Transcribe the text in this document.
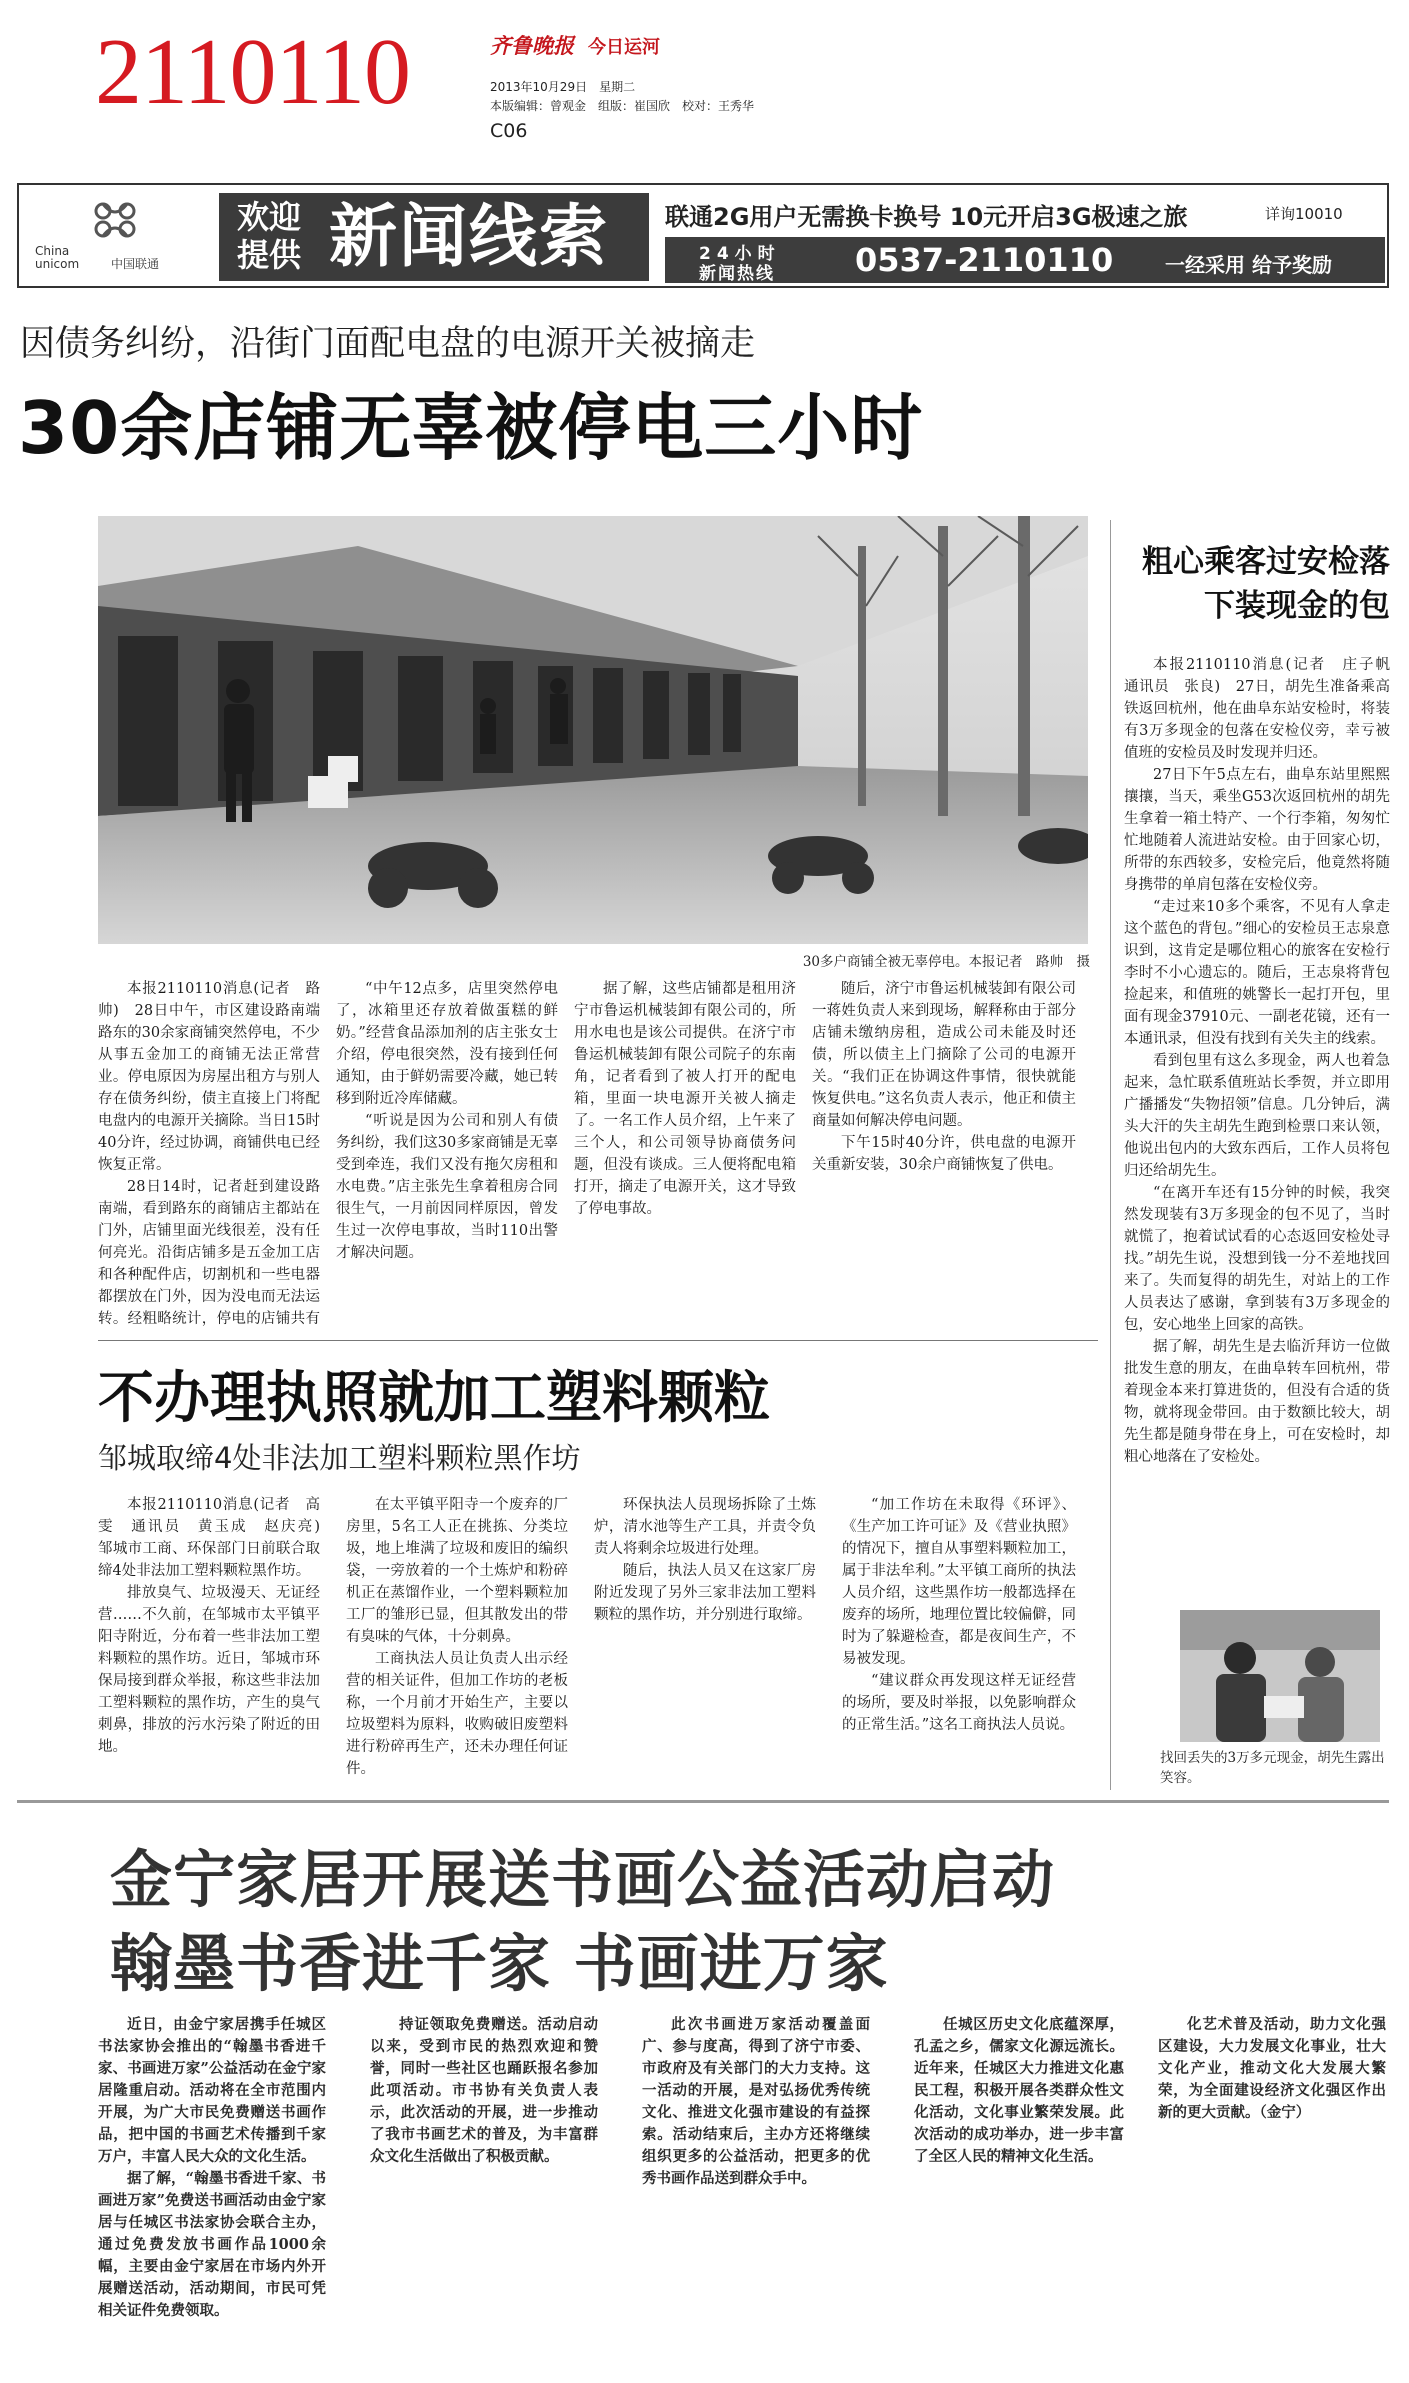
2110110	齐鲁晚报 今日运河
2013年10月29日　星期二
本版编辑：曾观金　组版：崔国欣　校对：王秀华
C06
China unicom	中国联通
欢迎
提供 新闻线索 联通2G用户无需换卡换号 10元开启3G极速之旅	详询10010
24小时
新闻热线	0537-2110110	一经采用 给予奖励
因债务纠纷，沿街门面配电盘的电源开关被摘走
30余店铺无辜被停电三小时
30多户商铺全被无辜停电。本报记者　路帅　摄

本报2110110消息(记者　路帅)　28日中午，市区建设路南端路东的30余家商铺突然停电，不少从事五金加工的商铺无法正常营业。停电原因为房屋出租方与别人存在债务纠纷，债主直接上门将配电盘内的电源开关摘除。当日15时40分许，经过协调，商铺供电已经恢复正常。

28日14时，记者赶到建设路南端，看到路东的商铺店主都站在门外，店铺里面光线很差，没有任何亮光。沿街店铺多是五金加工店和各种配件店，切割机和一些电器都摆放在门外，因为没电而无法运转。经粗略统计，停电的店铺共有

“中午12点多，店里突然停电了，冰箱里还存放着做蛋糕的鲜奶。”经营食品添加剂的店主张女士介绍，停电很突然，没有接到任何通知，由于鲜奶需要冷藏，她已转移到附近冷库储藏。

“听说是因为公司和别人有债务纠纷，我们这30多家商铺是无辜受到牵连，我们又没有拖欠房租和水电费。”店主张先生拿着租房合同很生气，一月前因同样原因，曾发生过一次停电事故，当时110出警才解决问题。

据了解，这些店铺都是租用济宁市鲁运机械装卸有限公司的，所用水电也是该公司提供。在济宁市鲁运机械装卸有限公司院子的东南角，记者看到了被人打开的配电箱，里面一块电源开关被人摘走了。一名工作人员介绍，上午来了三个人，和公司领导协商债务问题，但没有谈成。三人便将配电箱打开，摘走了电源开关，这才导致了停电事故。

随后，济宁市鲁运机械装卸有限公司一蒋姓负责人来到现场，解释称由于部分店铺未缴纳房租，造成公司未能及时还债，所以债主上门摘除了公司的电源开关。“我们正在协调这件事情，很快就能恢复供电。”这名负责人表示，他正和债主商量如何解决停电问题。

下午15时40分许，供电盘的电源开关重新安装，30余户商铺恢复了供电。

粗心乘客过安检落下装现金的包

本报2110110消息(记者　庄子帆　通讯员　张良)　27日，胡先生准备乘高铁返回杭州，他在曲阜东站安检时，将装有3万多现金的包落在安检仪旁，幸亏被值班的安检员及时发现并归还。

27日下午5点左右，曲阜东站里熙熙攘攘，当天，乘坐G53次返回杭州的胡先生拿着一箱土特产、一个行李箱，匆匆忙忙地随着人流进站安检。由于回家心切，所带的东西较多，安检完后，他竟然将随身携带的单肩包落在安检仪旁。

“走过来10多个乘客，不见有人拿走这个蓝色的背包。”细心的安检员王志泉意识到，这肯定是哪位粗心的旅客在安检行李时不小心遗忘的。随后，王志泉将背包捡起来，和值班的姚警长一起打开包，里面有现金37910元、一副老花镜，还有一本通讯录，但没有找到有关失主的线索。

看到包里有这么多现金，两人也着急起来，急忙联系值班站长季贺，并立即用广播播发“失物招领”信息。几分钟后，满头大汗的失主胡先生跑到检票口来认领，他说出包内的大致东西后，工作人员将包归还给胡先生。

“在离开车还有15分钟的时候，我突然发现装有3万多现金的包不见了，当时就慌了，抱着试试看的心态返回安检处寻找。”胡先生说，没想到钱一分不差地找回来了。失而复得的胡先生，对站上的工作人员表达了感谢，拿到装有3万多现金的包，安心地坐上回家的高铁。

据了解，胡先生是去临沂拜访一位做批发生意的朋友，在曲阜转车回杭州，带着现金本来打算进货的，但没有合适的货物，就将现金带回。由于数额比较大，胡先生都是随身带在身上，可在安检时，却粗心地落在了安检处。

找回丢失的3万多元现金，胡先生露出笑容。
不办理执照就加工塑料颗粒
邹城取缔4处非法加工塑料颗粒黑作坊

本报2110110消息(记者　高雯　通讯员　黄玉成　赵庆亮)　邹城市工商、环保部门日前联合取缔4处非法加工塑料颗粒黑作坊。

排放臭气、垃圾漫天、无证经营……不久前，在邹城市太平镇平阳寺附近，分布着一些非法加工塑料颗粒的黑作坊。近日，邹城市环保局接到群众举报，称这些非法加工塑料颗粒的黑作坊，产生的臭气刺鼻，排放的污水污染了附近的田地。

在太平镇平阳寺一个废弃的厂房里，5名工人正在挑拣、分类垃圾，地上堆满了垃圾和废旧的编织袋，一旁放着的一个土炼炉和粉碎机正在蒸馏作业，一个塑料颗粒加工厂的雏形已显，但其散发出的带有臭味的气体，十分刺鼻。

工商执法人员让负责人出示经营的相关证件，但加工作坊的老板称，一个月前才开始生产，主要以垃圾塑料为原料，收购破旧废塑料进行粉碎再生产，还未办理任何证件。

环保执法人员现场拆除了土炼炉，清水池等生产工具，并责令负责人将剩余垃圾进行处理。

随后，执法人员又在这家厂房附近发现了另外三家非法加工塑料颗粒的黑作坊，并分别进行取缔。

“加工作坊在未取得《环评》、《生产加工许可证》及《营业执照》的情况下，擅自从事塑料颗粒加工，属于非法牟利。”太平镇工商所的执法人员介绍，这些黑作坊一般都选择在废弃的场所，地理位置比较偏僻，同时为了躲避检查，都是夜间生产，不易被发现。

“建议群众再发现这样无证经营的场所，要及时举报，以免影响群众的正常生活。”这名工商执法人员说。

金宁家居开展送书画公益活动启动
翰墨书香进千家 书画进万家

近日，由金宁家居携手任城区书法家协会推出的“翰墨书香进千家、书画进万家”公益活动在金宁家居隆重启动。活动将在全市范围内开展，为广大市民免费赠送书画作品，把中国的书画艺术传播到千家万户，丰富人民大众的文化生活。

据了解，“翰墨书香进千家、书画进万家”免费送书画活动由金宁家居与任城区书法家协会联合主办，通过免费发放书画作品1000余幅，主要由金宁家居在市场内外开展赠送活动，活动期间，市民可凭相关证件免费领取。

持证领取免费赠送。活动启动以来，受到市民的热烈欢迎和赞誉，同时一些社区也踊跃报名参加此项活动。市书协有关负责人表示，此次活动的开展，进一步推动了我市书画艺术的普及，为丰富群众文化生活做出了积极贡献。

此次书画进万家活动覆盖面广、参与度高，得到了济宁市委、市政府及有关部门的大力支持。这一活动的开展，是对弘扬优秀传统文化、推进文化强市建设的有益探索。活动结束后，主办方还将继续组织更多的公益活动，把更多的优秀书画作品送到群众手中。

任城区历史文化底蕴深厚，孔孟之乡，儒家文化源远流长。近年来，任城区大力推进文化惠民工程，积极开展各类群众性文化活动，文化事业繁荣发展。此次活动的成功举办，进一步丰富了全区人民的精神文化生活。

化艺术普及活动，助力文化强区建设，大力发展文化事业，壮大文化产业，推动文化大发展大繁荣，为全面建设经济文化强区作出新的更大贡献。（金宁）
